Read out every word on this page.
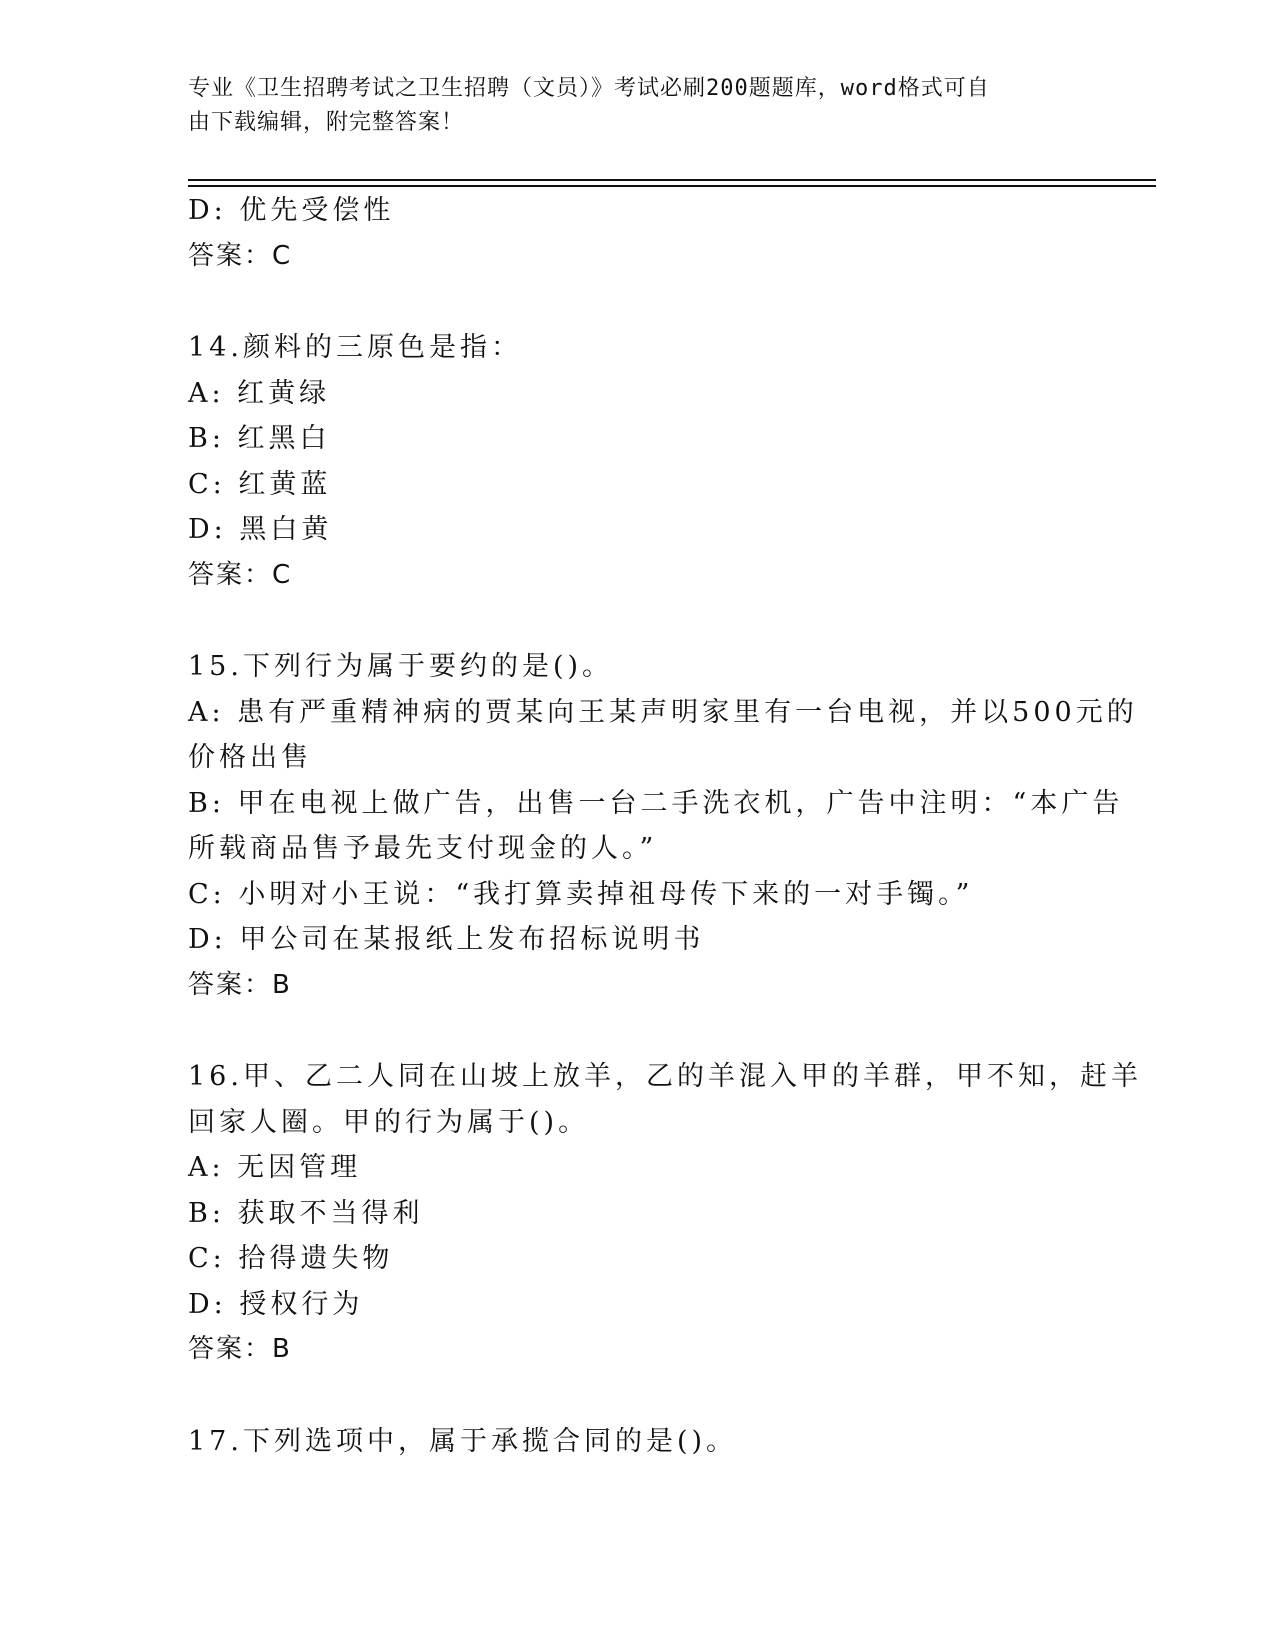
专业《卫生招聘考试之卫生招聘（文员）》考试必刷200题题库，word格式可自
由下载编辑，附完整答案！
D: 优先受偿性
答案：C
14.颜料的三原色是指：
A: 红黄绿
B: 红黑白
C: 红黄蓝
D: 黑白黄
答案：C
15.下列行为属于要约的是()。
A: 患有严重精神病的贾某向王某声明家里有一台电视，并以500元的
价格出售
B: 甲在电视上做广告，出售一台二手洗衣机，广告中注明：“本广告
所载商品售予最先支付现金的人。”
C: 小明对小王说：“我打算卖掉祖母传下来的一对手镯。”
D: 甲公司在某报纸上发布招标说明书
答案：B
16.甲、乙二人同在山坡上放羊，乙的羊混入甲的羊群，甲不知，赶羊
回家人圈。甲的行为属于()。
A: 无因管理
B: 获取不当得利
C: 拾得遗失物
D: 授权行为
答案：B
17.下列选项中，属于承揽合同的是()。
